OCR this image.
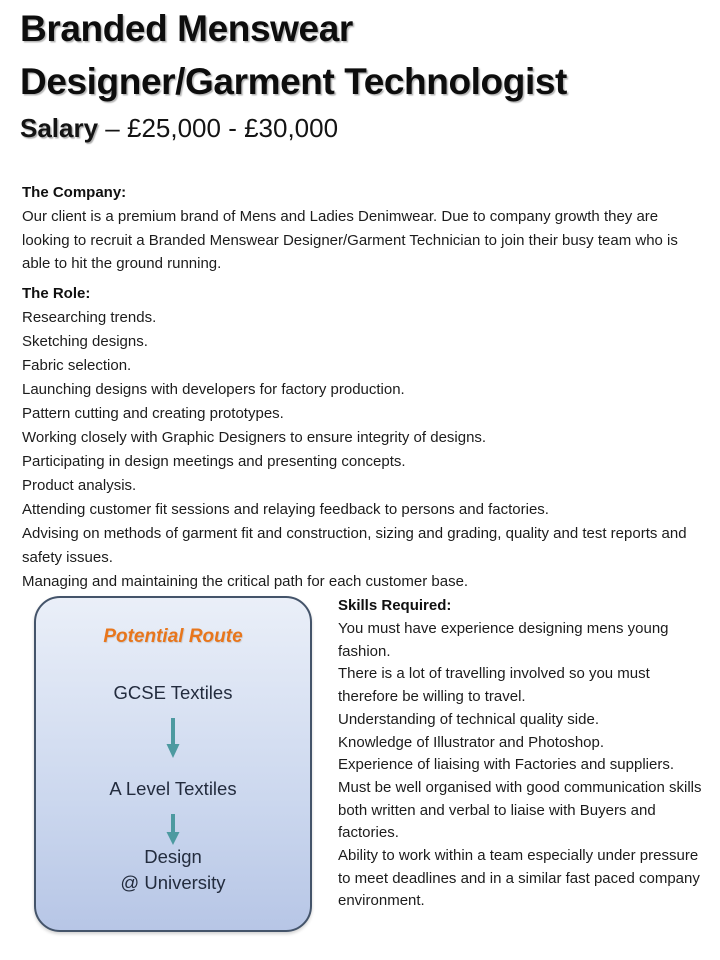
Branded Menswear
Designer/Garment Technologist
Salary – £25,000 - £30,000
The Company:

Our client is a premium brand of Mens and Ladies Denimwear. Due to company growth they are looking to recruit a Branded Menswear Designer/Garment Technician to join their busy team who is able to hit the ground running.

The Role:
Researching trends.
Sketching designs.
Fabric selection.
Launching designs with developers for factory production.
Pattern cutting and creating prototypes.
Working closely with Graphic Designers to ensure integrity of designs.
Participating in design meetings and presenting concepts.
Product analysis.
Attending customer fit sessions and relaying feedback to persons and factories.
Advising on methods of garment fit and construction, sizing and grading, quality and test reports and safety issues.
Managing and maintaining the critical path for each customer base.
Potential Route
GCSE Textiles
A Level Textiles
Design
@ University
Skills Required:
You must have experience designing mens young fashion.
There is a lot of travelling involved so you must therefore be willing to travel.
Understanding of technical quality side.
Knowledge of Illustrator and Photoshop.
Experience of liaising with Factories and suppliers.
Must be well organised with good communication skills both written and verbal to liaise with Buyers and factories.
Ability to work within a team especially under pressure to meet deadlines and in a similar fast paced company environment.
